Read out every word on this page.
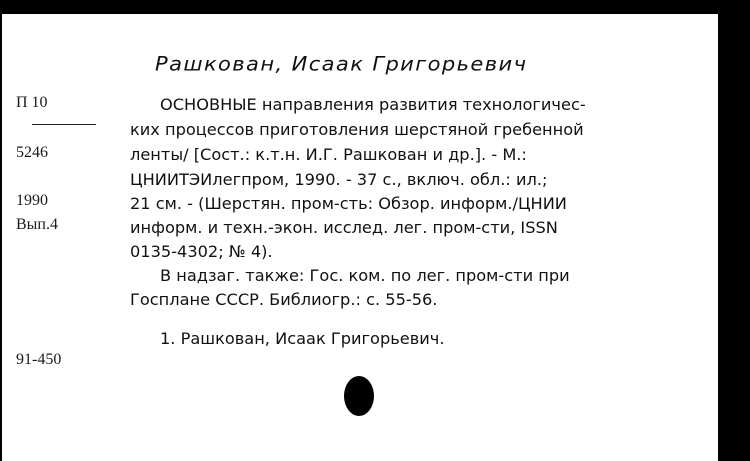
Рашкован, Исаак Григорьевич
П 10
5246
1990
Вып.4
91-450
ОСНОВНЫЕ направления развития технологичес-
ких процессов приготовления шерстяной гребенной
ленты/ [Сост.: к.т.н. И.Г. Рашкован и др.]. - М.:
ЦНИИТЭИлегпром, 1990. - 37 с., включ. обл.: ил.;
21 см. - (Шерстян. пром-сть: Обзор. информ./ЦНИИ
информ. и техн.-экон. исслед. лег. пром-сти, ISSN
0135-4302; № 4).
В надзаг. также: Гос. ком. по лег. пром-сти при
Госплане СССР. Библиогр.: с. 55-56.
1. Рашкован, Исаак Григорьевич.
